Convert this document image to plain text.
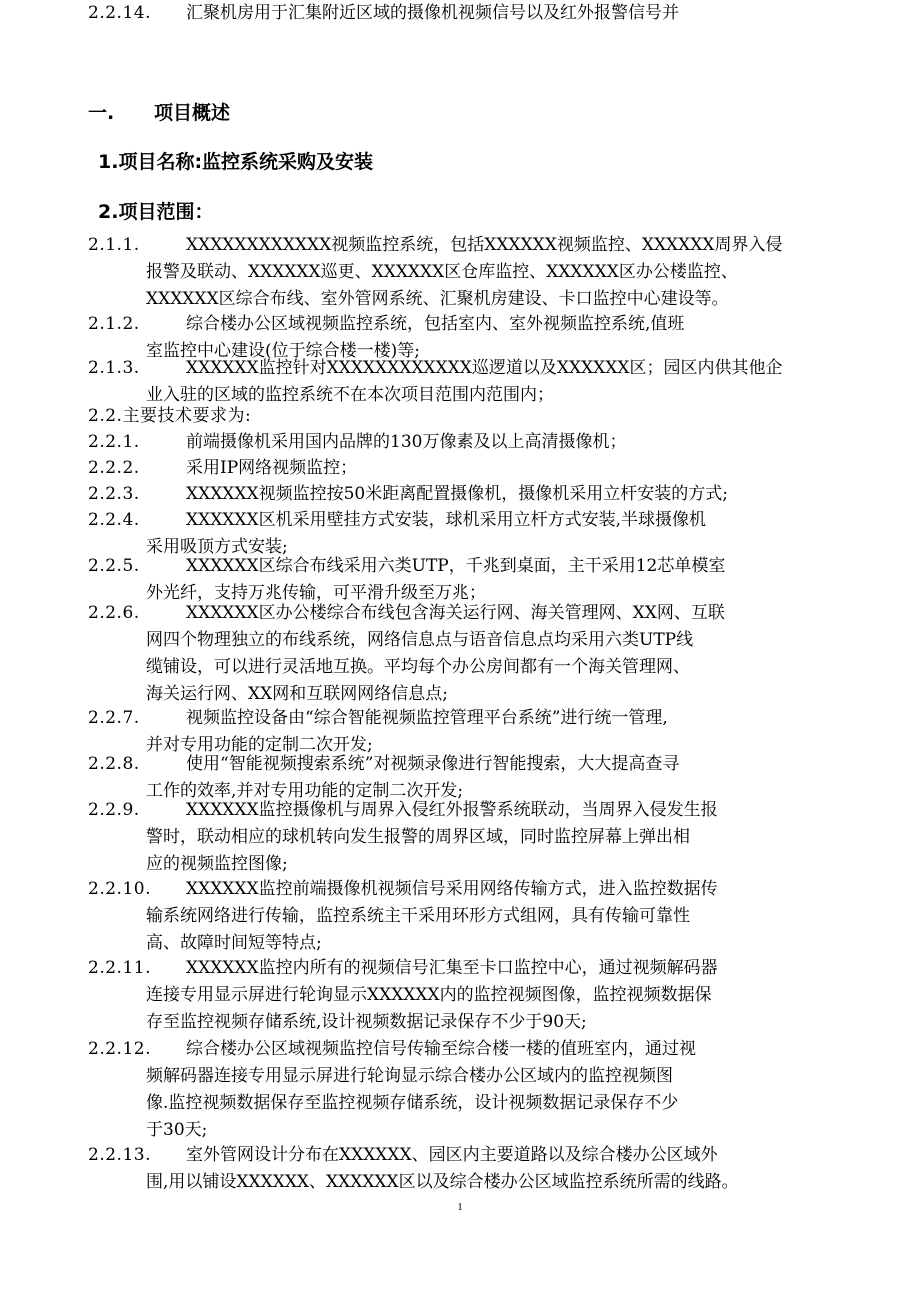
一. 项目概述
1.项目名称:监控系统采购及安装
2.项目范围：
2.1.1.	XXXXXXXXXXXX视频监控系统，包括XXXXXX视频监控、XXXXXX周界入侵
报警及联动、XXXXXX巡更、XXXXXX区仓库监控、XXXXXX区办公楼监控、
XXXXXX区综合布线、室外管网系统、汇聚机房建设、卡口监控中心建设等。
2.1.2.	综合楼办公区域视频监控系统，包括室内、室外视频监控系统,值班
室监控中心建设(位于综合楼一楼)等;
2.1.3.	XXXXXX监控针对XXXXXXXXXXXX巡逻道以及XXXXXX区；园区内供其他企
业入驻的区域的监控系统不在本次项目范围内范围内；
2.2.主要技术要求为:
2.2.1.	前端摄像机采用国内品牌的130万像素及以上高清摄像机；
2.2.2.	采用IP网络视频监控；
2.2.3.	XXXXXX视频监控按50米距离配置摄像机，摄像机采用立杆安装的方式;
2.2.4.	XXXXXX区机采用壁挂方式安装，球机采用立杆方式安装,半球摄像机
采用吸顶方式安装;
2.2.5.	XXXXXX区综合布线采用六类UTP，千兆到桌面，主干采用12芯单模室
外光纤，支持万兆传输，可平滑升级至万兆；
2.2.6.	XXXXXX区办公楼综合布线包含海关运行网、海关管理网、XX网、互联
网四个物理独立的布线系统，网络信息点与语音信息点均采用六类UTP线
缆铺设，可以进行灵活地互换。平均每个办公房间都有一个海关管理网、
海关运行网、XX网和互联网网络信息点;
2.2.7.	视频监控设备由“综合智能视频监控管理平台系统”进行统一管理,
并对专用功能的定制二次开发;
2.2.8.	使用“智能视频搜索系统”对视频录像进行智能搜索，大大提高查寻
工作的效率,并对专用功能的定制二次开发;
2.2.9.	XXXXXX监控摄像机与周界入侵红外报警系统联动，当周界入侵发生报
警时，联动相应的球机转向发生报警的周界区域，同时监控屏幕上弹出相
应的视频监控图像;
2.2.10.	XXXXXX监控前端摄像机视频信号采用网络传输方式，进入监控数据传
输系统网络进行传输，监控系统主干采用环形方式组网，具有传输可靠性
高、故障时间短等特点;
2.2.11.	XXXXXX监控内所有的视频信号汇集至卡口监控中心，通过视频解码器
连接专用显示屏进行轮询显示XXXXXX内的监控视频图像，监控视频数据保
存至监控视频存储系统,设计视频数据记录保存不少于90天;
2.2.12.	综合楼办公区域视频监控信号传输至综合楼一楼的值班室内，通过视
频解码器连接专用显示屏进行轮询显示综合楼办公区域内的监控视频图
像.监控视频数据保存至监控视频存储系统，设计视频数据记录保存不少
于30天;
2.2.13.	室外管网设计分布在XXXXXX、园区内主要道路以及综合楼办公区域外
围,用以铺设XXXXXX、XXXXXX区以及综合楼办公区域监控系统所需的线路。
2.2.14.	汇聚机房用于汇集附近区域的摄像机视频信号以及红外报警信号并
1
